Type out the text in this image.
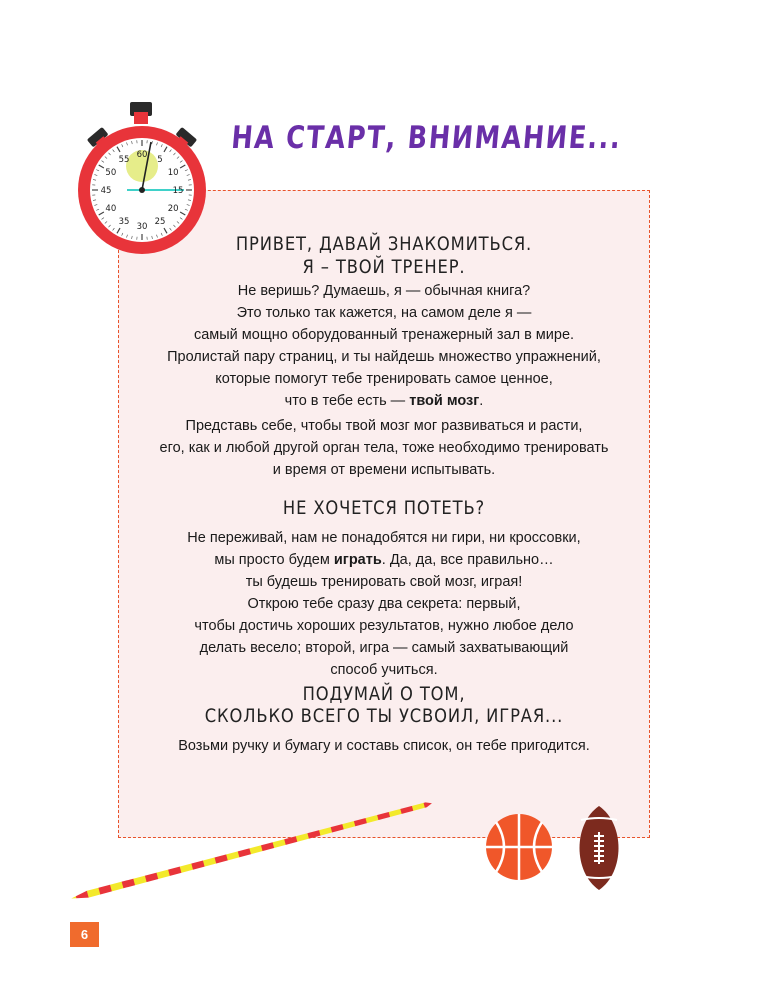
НА СТАРТ, ВНИМАНИЕ...
60 5
10
15
20
25
30
35
40
45
50
55
ПРИВЕТ, ДАВАЙ ЗНАКОМИТЬСЯ.
Я – ТВОЙ ТРЕНЕР.
Не веришь? Думаешь, я — обычная книга?
Это только так кажется, на самом деле я —
самый мощно оборудованный тренажерный зал в мире.
Пролистай пару страниц, и ты найдешь множество упражнений,
которые помогут тебе тренировать самое ценное,
что в тебе есть — твой мозг.
Представь себе, чтобы твой мозг мог развиваться и расти,
его, как и любой другой орган тела, тоже необходимо тренировать
и время от времени испытывать.
НЕ ХОЧЕТСЯ ПОТЕТЬ?
Не переживай, нам не понадобятся ни гири, ни кроссовки,
мы просто будем играть. Да, да, все правильно…
ты будешь тренировать свой мозг, играя!
Открою тебе сразу два секрета: первый,
чтобы достичь хороших результатов, нужно любое дело
делать весело; второй, игра — самый захватывающий
способ учиться.
ПОДУМАЙ О ТОМ,
СКОЛЬКО ВСЕГО ТЫ УСВОИЛ, ИГРАЯ...
Возьми ручку и бумагу и составь список, он тебе пригодится.
6
